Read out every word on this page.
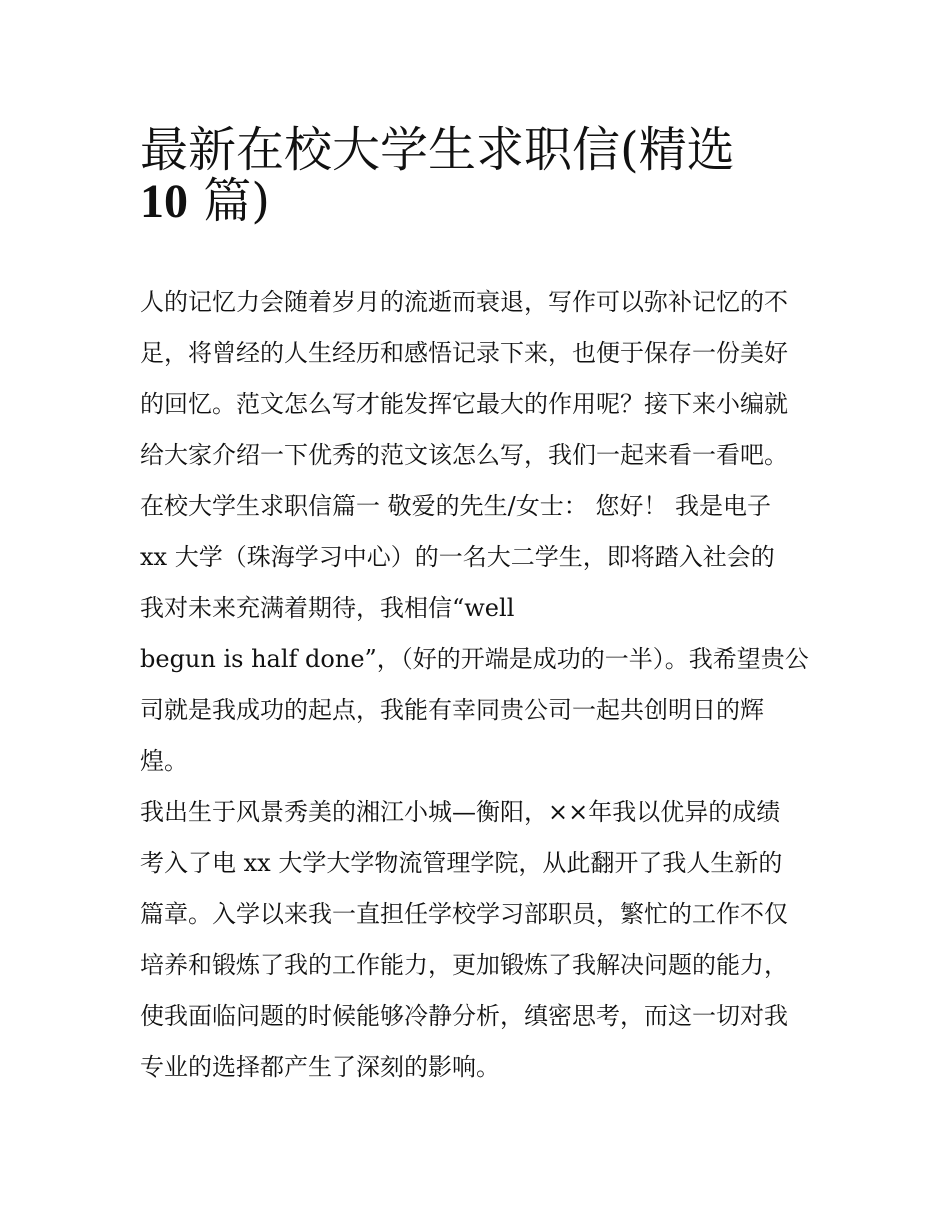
最新在校大学生求职信(精选
10 篇)
人的记忆力会随着岁月的流逝而衰退，写作可以弥补记忆的不
足，将曾经的人生经历和感悟记录下来，也便于保存一份美好
的回忆。范文怎么写才能发挥它最大的作用呢？接下来小编就
给大家介绍一下优秀的范文该怎么写，我们一起来看一看吧。
在校大学生求职信篇一 敬爱的先生/女士： 您好！ 我是电子
xx 大学（珠海学习中心）的一名大二学生，即将踏入社会的
我对未来充满着期待，我相信“well
begun is half done”，（好的开端是成功的一半）。我希望贵公
司就是我成功的起点，我能有幸同贵公司一起共创明日的辉
煌。
我出生于风景秀美的湘江小城—衡阳，××年我以优异的成绩
考入了电 xx 大学大学物流管理学院，从此翻开了我人生新的
篇章。入学以来我一直担任学校学习部职员，繁忙的工作不仅
培养和锻炼了我的工作能力，更加锻炼了我解决问题的能力，
使我面临问题的时候能够冷静分析，缜密思考，而这一切对我
专业的选择都产生了深刻的影响。
